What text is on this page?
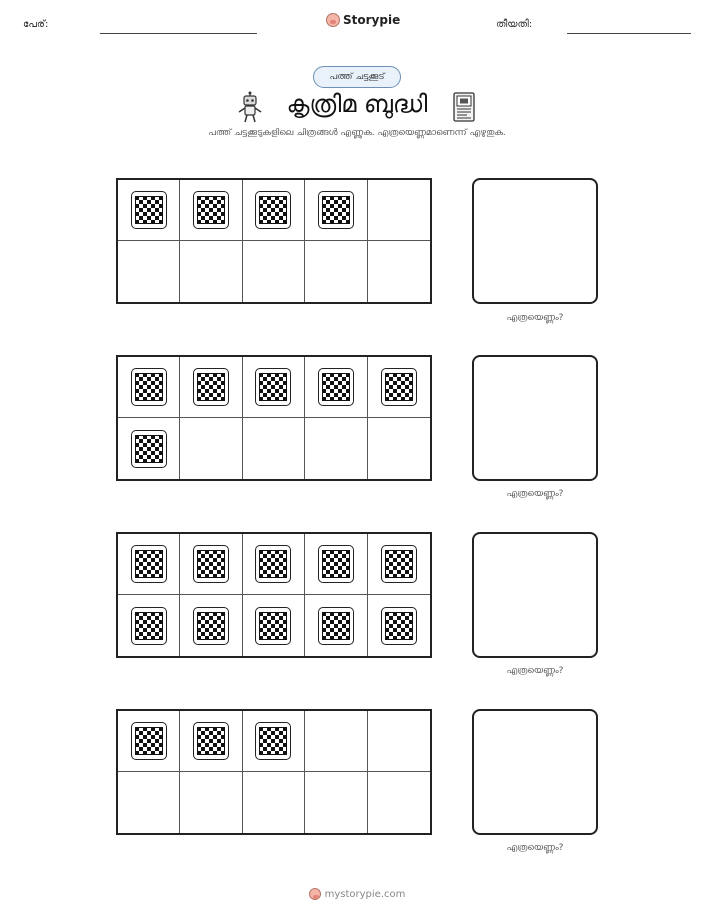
പേര്:	Storypie	തീയതി:
പത്ത് ചട്ടക്കൂട്
കൃത്രിമ ബുദ്ധി
പത്ത് ചട്ടക്കൂടുകളിലെ ചിത്രങ്ങൾ എണ്ണുക. എത്രയെണ്ണമാണെന്ന് എഴുതുക.
എത്രയെണ്ണം?
എത്രയെണ്ണം?
എത്രയെണ്ണം?
എത്രയെണ്ണം?
mystorypie.com
